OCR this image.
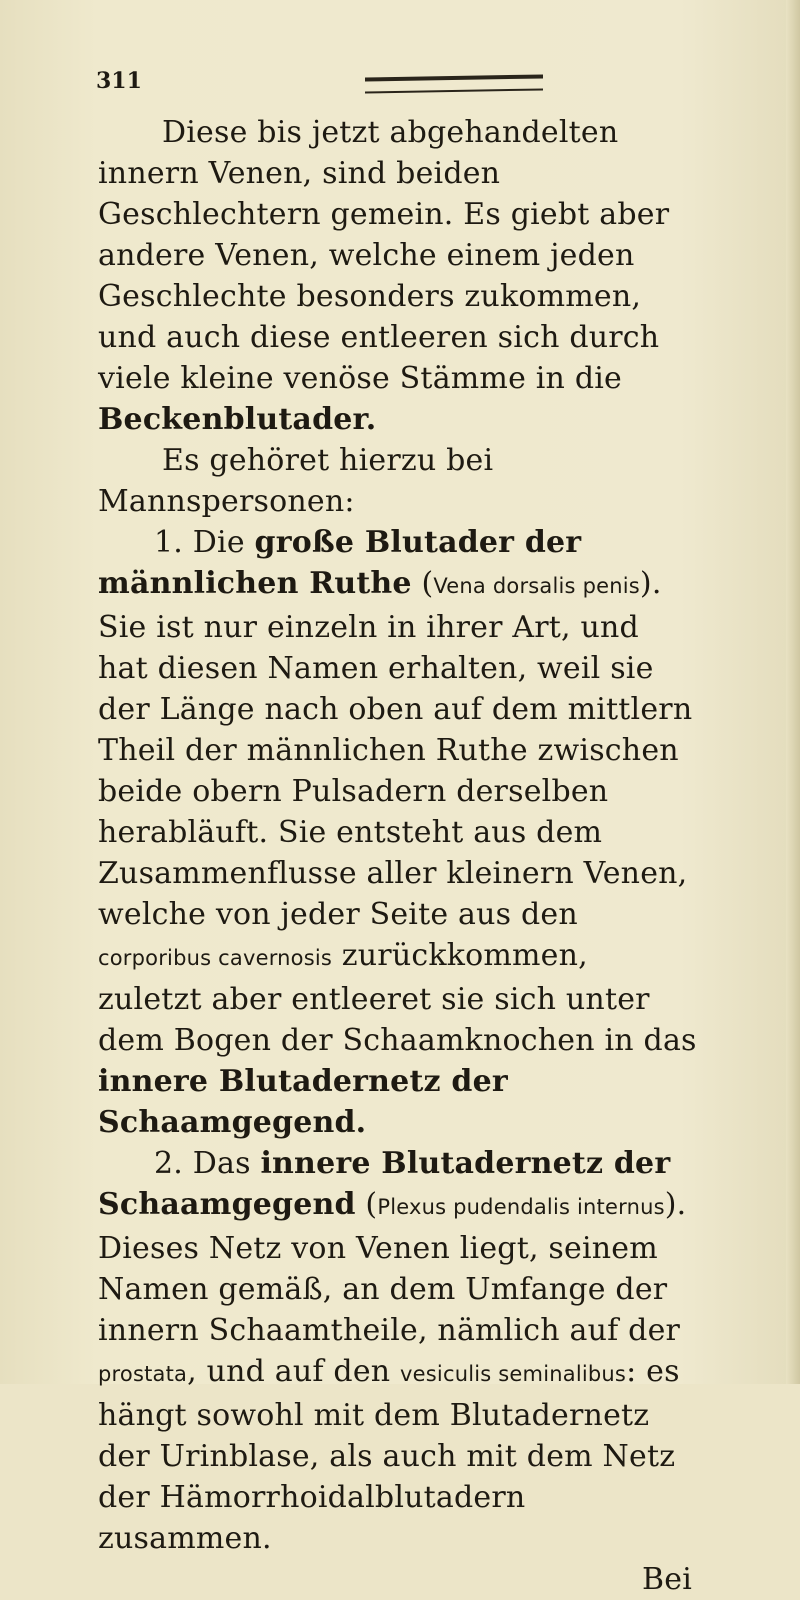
311

Diese bis jetzt abgehandelten innern Venen, sind beiden Geschlechtern gemein. Es giebt aber andere Venen, welche einem jeden Geschlechte besonders zukommen, und auch diese entleeren sich durch viele kleine venöse Stämme in die Beckenblutader.

Es gehöret hierzu bei Mannspersonen:

1. Die große Blutader der männlichen Ruthe (Vena dorsalis penis). Sie ist nur einzeln in ihrer Art, und hat diesen Namen erhalten, weil sie der Länge nach oben auf dem mittlern Theil der männlichen Ruthe zwischen beide obern Pulsadern derselben herabläuft. Sie entsteht aus dem Zusammenflusse aller kleinern Venen, welche von jeder Seite aus den corporibus cavernosis zurückkommen, zuletzt aber entleeret sie sich unter dem Bogen der Schaamknochen in das innere Blutadernetz der Schaamgegend.

2. Das innere Blutadernetz der Schaamgegend (Plexus pudendalis internus). Dieses Netz von Venen liegt, seinem Namen gemäß, an dem Umfange der innern Schaamtheile, nämlich auf der prostata, und auf den vesiculis seminalibus: es hängt sowohl mit dem Blutadernetz der Urinblase, als auch mit dem Netz der Hämorrhoidalblutadern zusammen.

Bei
